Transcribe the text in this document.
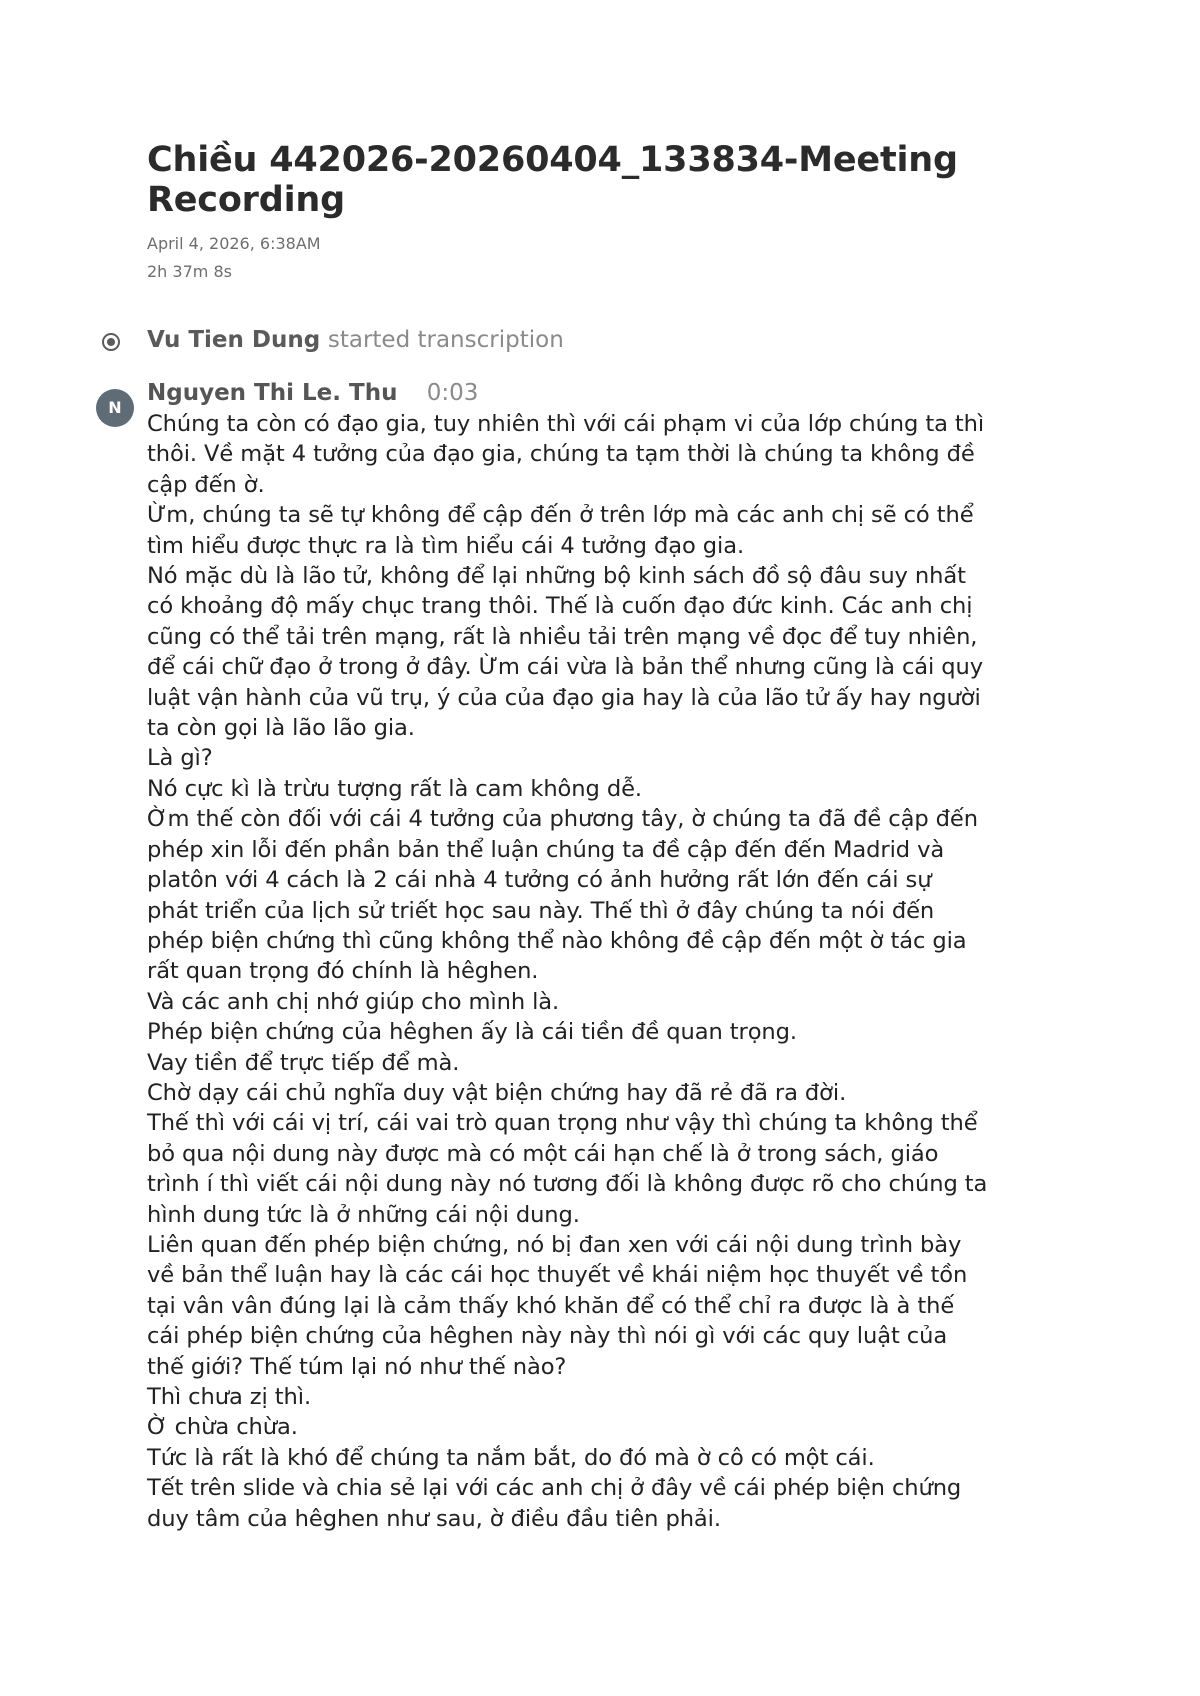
Chiều 442026-20260404_133834-Meeting
Recording
April 4, 2026, 6:38AM
2h 37m 8s
Vu Tien Dung started transcription
N
Nguyen Thi Le. Thu 0:03
Chúng ta còn có đạo gia, tuy nhiên thì với cái phạm vi của lớp chúng ta thì
thôi. Về mặt 4 tưởng của đạo gia, chúng ta tạm thời là chúng ta không đề
cập đến ờ.
Ừm, chúng ta sẽ tự không để cập đến ở trên lớp mà các anh chị sẽ có thể
tìm hiểu được thực ra là tìm hiểu cái 4 tưởng đạo gia.
Nó mặc dù là lão tử, không để lại những bộ kinh sách đồ sộ đâu suy nhất
có khoảng độ mấy chục trang thôi. Thế là cuốn đạo đức kinh. Các anh chị
cũng có thể tải trên mạng, rất là nhiều tải trên mạng về đọc để tuy nhiên,
để cái chữ đạo ở trong ở đây. Ừm cái vừa là bản thể nhưng cũng là cái quy
luật vận hành của vũ trụ, ý của của đạo gia hay là của lão tử ấy hay người
ta còn gọi là lão lão gia.
Là gì?
Nó cực kì là trừu tượng rất là cam không dễ.
Ờm thế còn đối với cái 4 tưởng của phương tây, ờ chúng ta đã đề cập đến
phép xin lỗi đến phần bản thể luận chúng ta đề cập đến đến Madrid và
platôn với 4 cách là 2 cái nhà 4 tưởng có ảnh hưởng rất lớn đến cái sự
phát triển của lịch sử triết học sau này. Thế thì ở đây chúng ta nói đến
phép biện chứng thì cũng không thể nào không đề cập đến một ờ tác gia
rất quan trọng đó chính là hêghen.
Và các anh chị nhớ giúp cho mình là.
Phép biện chứng của hêghen ấy là cái tiền đề quan trọng.
Vay tiền để trực tiếp để mà.
Chờ dạy cái chủ nghĩa duy vật biện chứng hay đã rẻ đã ra đời.
Thế thì với cái vị trí, cái vai trò quan trọng như vậy thì chúng ta không thể
bỏ qua nội dung này được mà có một cái hạn chế là ở trong sách, giáo
trình í thì viết cái nội dung này nó tương đối là không được rõ cho chúng ta
hình dung tức là ở những cái nội dung.
Liên quan đến phép biện chứng, nó bị đan xen với cái nội dung trình bày
về bản thể luận hay là các cái học thuyết về khái niệm học thuyết về tồn
tại vân vân đúng lại là cảm thấy khó khăn để có thể chỉ ra được là à thế
cái phép biện chứng của hêghen này này thì nói gì với các quy luật của
thế giới? Thế túm lại nó như thế nào?
Thì chưa zị thì.
Ờ chừa chừa.
Tức là rất là khó để chúng ta nắm bắt, do đó mà ờ cô có một cái.
Tết trên slide và chia sẻ lại với các anh chị ở đây về cái phép biện chứng
duy tâm của hêghen như sau, ờ điều đầu tiên phải.
